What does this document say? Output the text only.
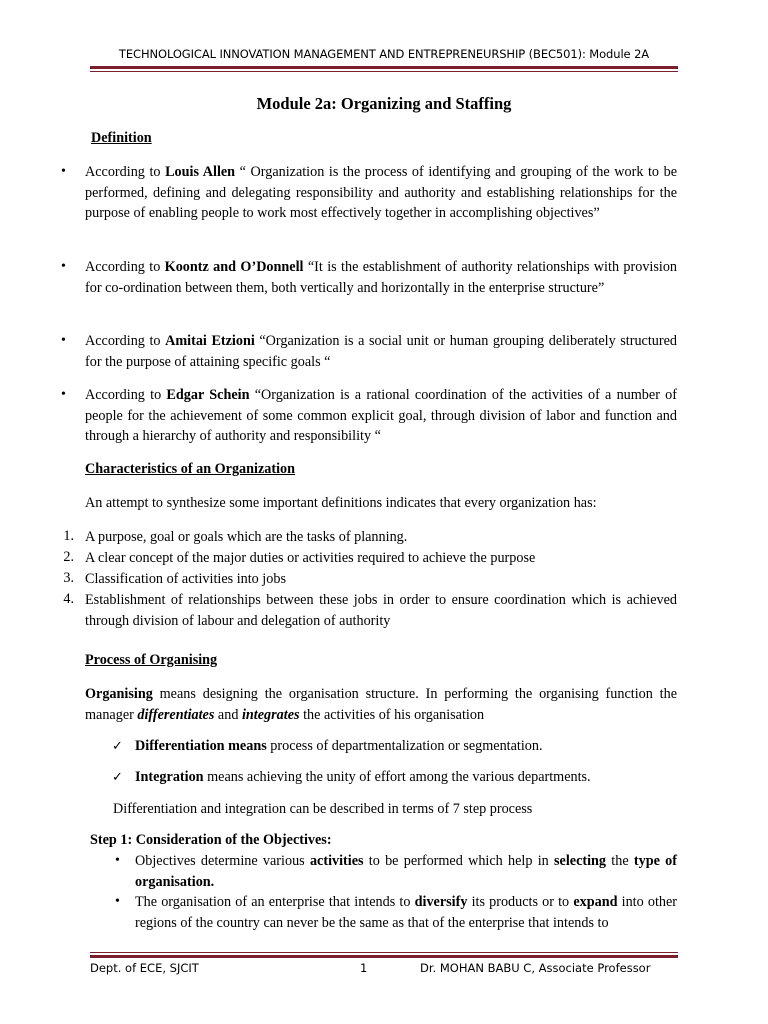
TECHNOLOGICAL INNOVATION MANAGEMENT AND ENTREPRENEURSHIP (BEC501): Module 2A
Module 2a: Organizing and Staffing
Definition
• According to Louis Allen “ Organization is the process of identifying and grouping of the work to be performed, defining and delegating responsibility and authority and establishing relationships for the purpose of enabling people to work most effectively together in accomplishing objectives”
• According to Koontz and O’Donnell “It is the establishment of authority relationships with provision for co-ordination between them, both vertically and horizontally in the enterprise structure”
• According to Amitai Etzioni “Organization is a social unit or human grouping deliberately structured for the purpose of attaining specific goals “
• According to Edgar Schein “Organization is a rational coordination of the activities of a number of people for the achievement of some common explicit goal, through division of labor and function and through a hierarchy of authority and responsibility “
Characteristics of an Organization
An attempt to synthesize some important definitions indicates that every organization has:
1. A purpose, goal or goals which are the tasks of planning.
2. A clear concept of the major duties or activities required to achieve the purpose
3. Classification of activities into jobs
4. Establishment of relationships between these jobs in order to ensure coordination which is achieved through division of labour and delegation of authority
Process of Organising
Organising means designing the organisation structure. In performing the organising function the manager differentiates and integrates the activities of his organisation
✓ Differentiation means process of departmentalization or segmentation.
✓ Integration means achieving the unity of effort among the various departments.
Differentiation and integration can be described in terms of 7 step process
Step 1: Consideration of the Objectives:
• Objectives determine various activities to be performed which help in selecting the type of organisation.
• The organisation of an enterprise that intends to diversify its products or to expand into other regions of the country can never be the same as that of the enterprise that intends to
Dept. of ECE, SJCIT	1	Dr. MOHAN BABU C, Associate Professor
